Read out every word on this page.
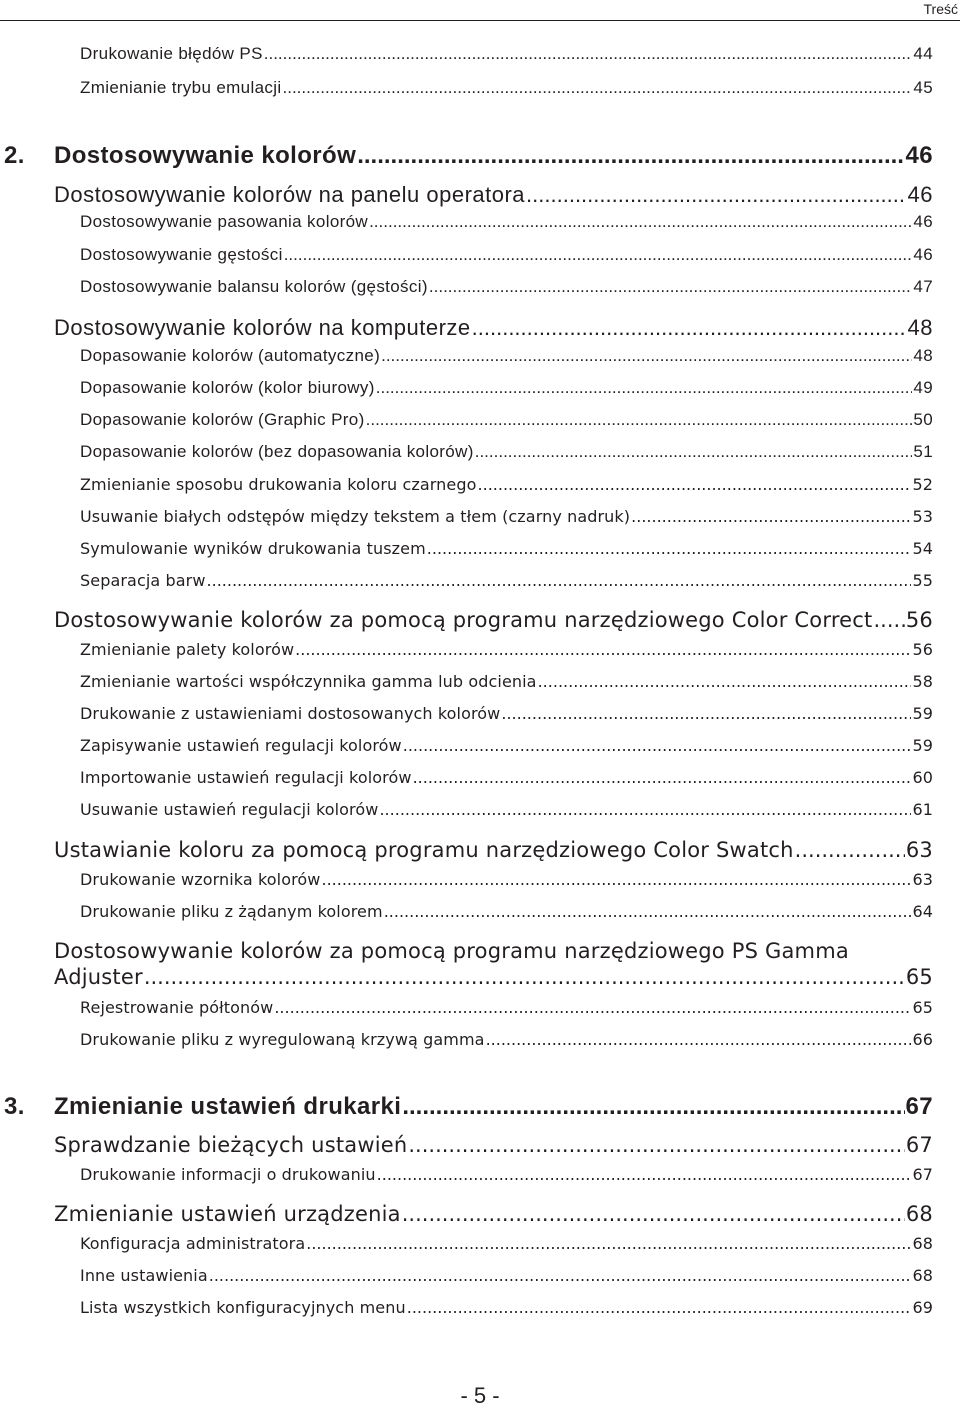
Treść
Drukowanie błędów PS .....	44
Zmienianie trybu emulacji .....	45
2. Dostosowywanie kolorów .....	46
Dostosowywanie kolorów na panelu operatora .....	46
Dostosowywanie pasowania kolorów .....	46
Dostosowywanie gęstości .....	46
Dostosowywanie balansu kolorów (gęstości) .....	47
Dostosowywanie kolorów na komputerze .....	48
Dopasowanie kolorów (automatyczne) .....	48
Dopasowanie kolorów (kolor biurowy) .....	49
Dopasowanie kolorów (Graphic Pro) .....	50
Dopasowanie kolorów (bez dopasowania kolorów) .....	51
Zmienianie sposobu drukowania koloru czarnego .....	52
Usuwanie białych odstępów między tekstem a tłem (czarny nadruk) .....	53
Symulowanie wyników drukowania tuszem .....	54
Separacja barw .....	55
Dostosowywanie kolorów za pomocą programu narzędziowego Color Correct ..... 56
Zmienianie palety kolorów .....	56
Zmienianie wartości współczynnika gamma lub odcienia .....	58
Drukowanie z ustawieniami dostosowanych kolorów .....	59
Zapisywanie ustawień regulacji kolorów .....	59
Importowanie ustawień regulacji kolorów .....	60
Usuwanie ustawień regulacji kolorów .....	61
Ustawianie koloru za pomocą programu narzędziowego Color Swatch .....	63
Drukowanie wzornika kolorów .....	63
Drukowanie pliku z żądanym kolorem .....	64
Dostosowywanie kolorów za pomocą programu narzędziowego PS Gamma
Adjuster .....	65
Rejestrowanie półtonów .....	65
Drukowanie pliku z wyregulowaną krzywą gamma .....	66
3. Zmienianie ustawień drukarki .....	67
Sprawdzanie bieżących ustawień .....	67
Drukowanie informacji o drukowaniu .....	67
Zmienianie ustawień urządzenia .....	68
Konfiguracja administratora .....	68
Inne ustawienia .....	68
Lista wszystkich konfiguracyjnych menu .....	69
- 5 -
